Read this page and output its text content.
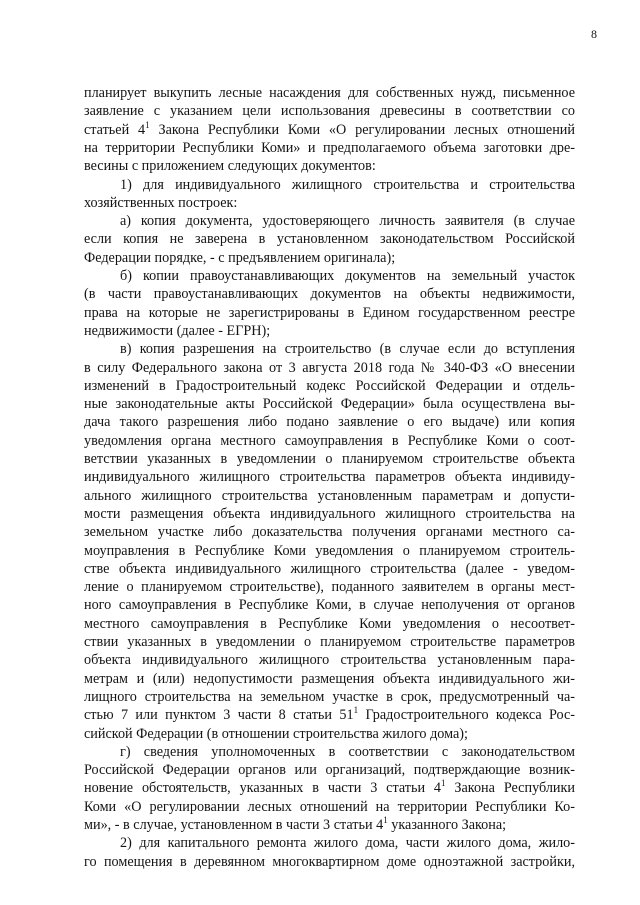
8
планирует выкупить лесные насаждения для собственных нужд, письменное
заявление с указанием цели использования древесины в соответствии со
статьей $4^1$ Закона Республики Коми «О регулировании лесных отношений
на территории Республики Коми» и предполагаемого объема заготовки дре-
весины с приложением следующих документов:
1) для индивидуального жилищного строительства и строительства
хозяйственных построек:
а) копия документа, удостоверяющего личность заявителя (в случае
если копия не заверена в установленном законодательством Российской
Федерации порядке, - с предъявлением оригинала);
б) копии правоустанавливающих документов на земельный участок
(в части правоустанавливающих документов на объекты недвижимости,
права на которые не зарегистрированы в Едином государственном реестре
недвижимости (далее - ЕГРН);
в) копия разрешения на строительство (в случае если до вступления
в силу Федерального закона от 3 августа 2018 года № 340-ФЗ «О внесении
изменений в Градостроительный кодекс Российской Федерации и отдель-
ные законодательные акты Российской Федерации» была осуществлена вы-
дача такого разрешения либо подано заявление о его выдаче) или копия
уведомления органа местного самоуправления в Республике Коми о соот-
ветствии указанных в уведомлении о планируемом строительстве объекта
индивидуального жилищного строительства параметров объекта индивиду-
ального жилищного строительства установленным параметрам и допусти-
мости размещения объекта индивидуального жилищного строительства на
земельном участке либо доказательства получения органами местного са-
моуправления в Республике Коми уведомления о планируемом строитель-
стве объекта индивидуального жилищного строительства (далее - уведом-
ление о планируемом строительстве), поданного заявителем в органы мест-
ного самоуправления в Республике Коми, в случае неполучения от органов
местного самоуправления в Республике Коми уведомления о несоответ-
ствии указанных в уведомлении о планируемом строительстве параметров
объекта индивидуального жилищного строительства установленным пара-
метрам и (или) недопустимости размещения объекта индивидуального жи-
лищного строительства на земельном участке в срок, предусмотренный ча-
стью 7 или пунктом 3 части 8 статьи $51^1$ Градостроительного кодекса Рос-
сийской Федерации (в отношении строительства жилого дома);
г) сведения уполномоченных в соответствии с законодательством
Российской Федерации органов или организаций, подтверждающие возник-
новение обстоятельств, указанных в части 3 статьи $4^1$ Закона Республики
Коми «О регулировании лесных отношений на территории Республики Ко-
ми», - в случае, установленном в части 3 статьи $4^1$ указанного Закона;
2) для капитального ремонта жилого дома, части жилого дома, жило-
го помещения в деревянном многоквартирном доме одноэтажной застройки,
